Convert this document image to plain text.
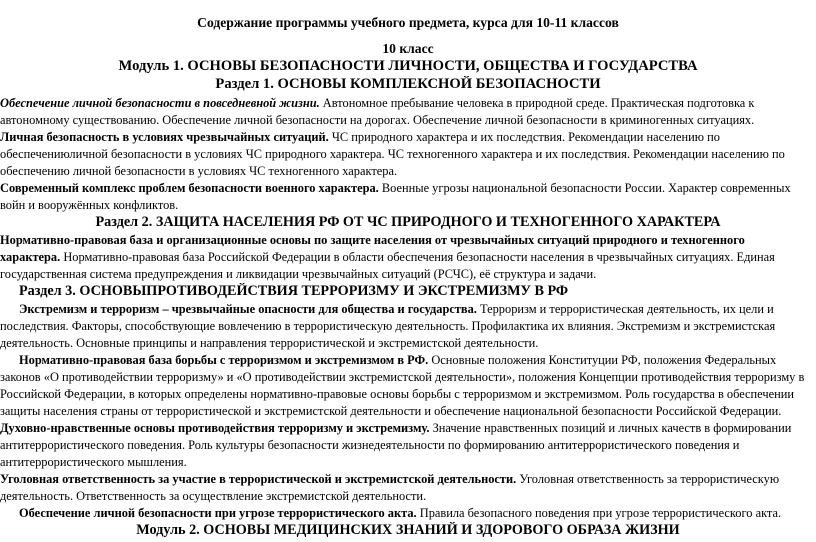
Содержание программы учебного предмета, курса для 10-11 классов
10 класс
Модуль 1. ОСНОВЫ БЕЗОПАСНОСТИ ЛИЧНОСТИ, ОБЩЕСТВА И ГОСУДАРСТВА
Раздел 1. ОСНОВЫ КОМПЛЕКСНОЙ БЕЗОПАСНОСТИ
Обеспечение личной безопасности в повседневной жизни. Автономное пребывание человека в природной среде. Практическая подготовка к
автономному существованию. Обеспечение личной безопасности на дорогах. Обеспечение личной безопасности в криминогенных ситуациях.
Личная безопасность в условиях чрезвычайных ситуаций. ЧС природного характера и их последствия. Рекомендации населению по
обеспечениюличной безопасности в условиях ЧС природного характера. ЧС техногенного характера и их последствия. Рекомендации населению по
обеспечению личной безопасности в условиях ЧС техногенного характера.
Современный комплекс проблем безопасности военного характера. Военные угрозы национальной безопасности России. Характер современных
войн и вооружённых конфликтов.
Раздел 2. ЗАЩИТА НАСЕЛЕНИЯ РФ ОТ ЧС ПРИРОДНОГО И ТЕХНОГЕННОГО ХАРАКТЕРА
Нормативно-правовая база и организационные основы по защите населения от чрезвычайных ситуаций природного и техногенного
характера. Нормативно-правовая база Российской Федерации в области обеспечения безопасности населения в чрезвычайных ситуациях. Единая
государственная система предупреждения и ликвидации чрезвычайных ситуаций (РСЧС), её структура и задачи.
Раздел 3. ОСНОВЫПРОТИВОДЕЙСТВИЯ ТЕРРОРИЗМУ И ЭКСТРЕМИЗМУ В РФ
Экстремизм и терроризм – чрезвычайные опасности для общества и государства. Терроризм и террористическая деятельность, их цели и
последствия. Факторы, способствующие вовлечению в террористическую деятельность. Профилактика их влияния. Экстремизм и экстремистская
деятельность. Основные принципы и направления террористической и экстремистской деятельности.
Нормативно-правовая база борьбы с терроризмом и экстремизмом в РФ. Основные положения Конституции РФ, положения Федеральных
законов «О противодействии терроризму» и «О противодействии экстремистской деятельности», положения Концепции противодействия терроризму в
Российской Федерации, в которых определены нормативно-правовые основы борьбы с терроризмом и экстремизмом. Роль государства в обеспечении
защиты населения страны от террористической и экстремистской деятельности и обеспечение национальной безопасности Российской Федерации.
Духовно-нравственные основы противодействия терроризму и экстремизму. Значение нравственных позиций и личных качеств в формировании
антитеррористического поведения. Роль культуры безопасности жизнедеятельности по формированию антитеррористического поведения и
антитеррористического мышления.
Уголовная ответственность за участие в террористической и экстремистской деятельности. Уголовная ответственность за террористическую
деятельность. Ответственность за осуществление экстремистской деятельности.
Обеспечение личной безопасности при угрозе террористического акта. Правила безопасного поведения при угрозе террористического акта.
Модуль 2. ОСНОВЫ МЕДИЦИНСКИХ ЗНАНИЙ И ЗДОРОВОГО ОБРАЗА ЖИЗНИ
